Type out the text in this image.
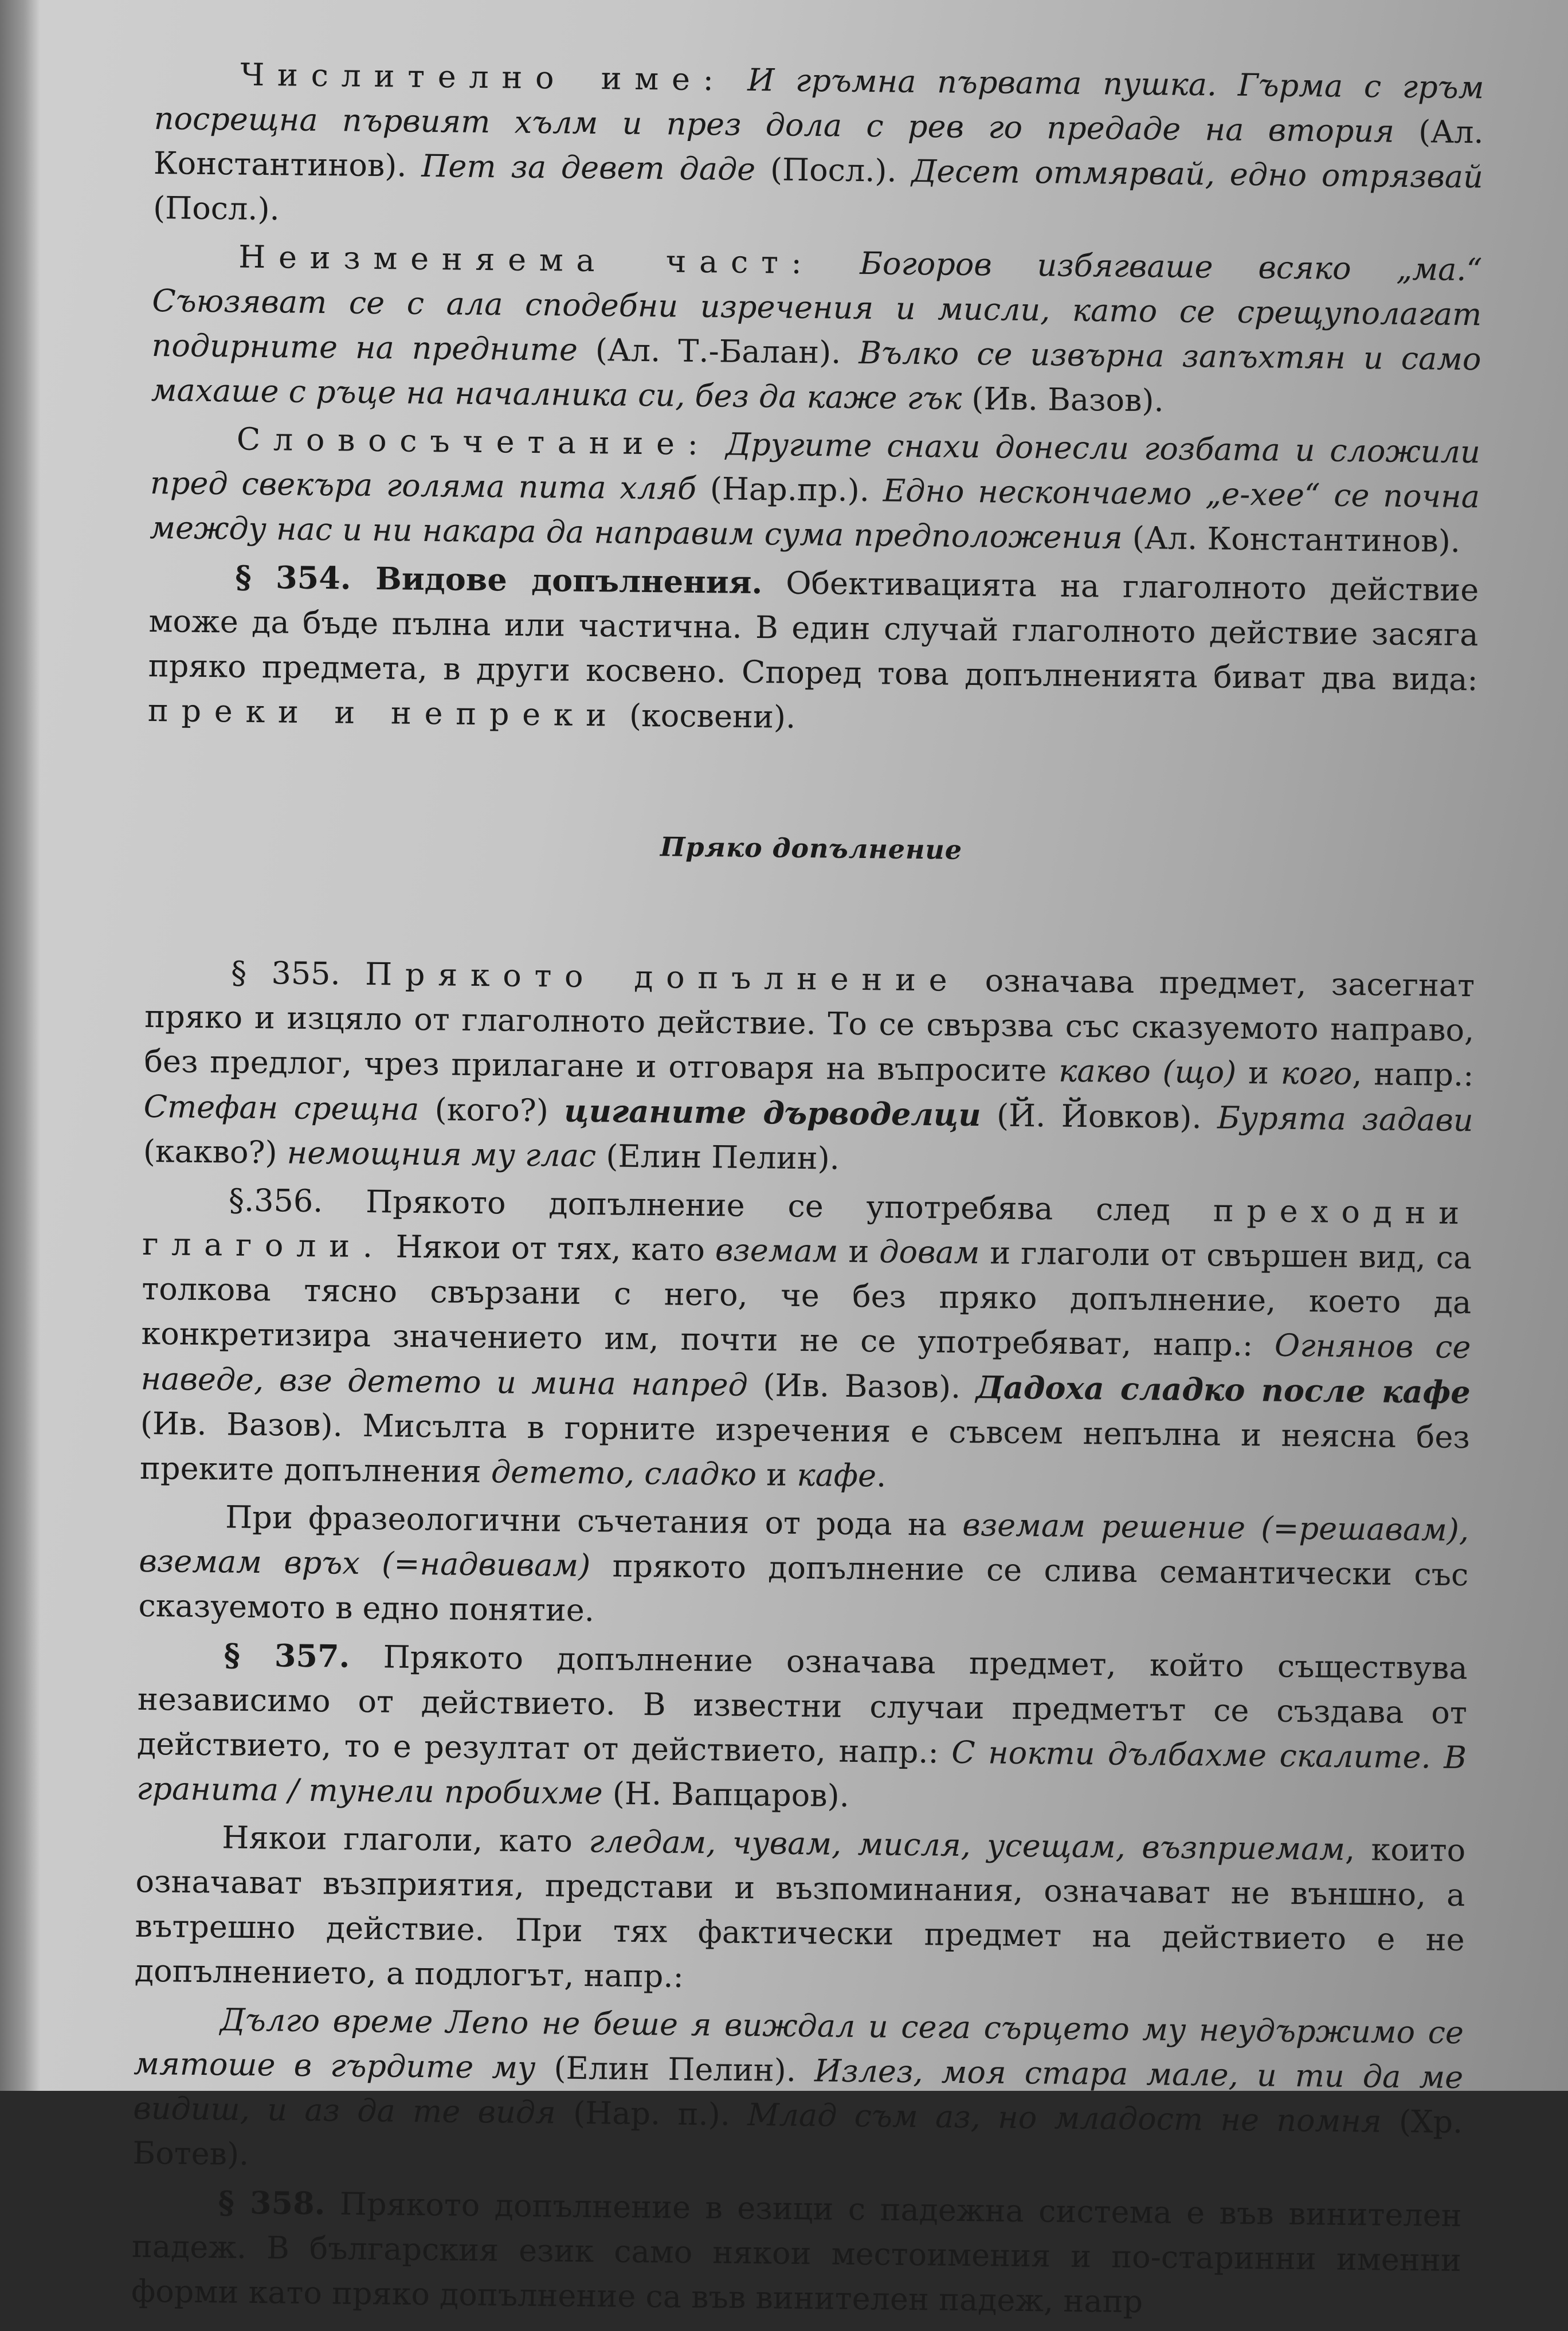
Числително име: И гръмна първата пушка. Гърма с гръм посрещна първият хълм и през дола с рев го предаде на втория (Ал. Константинов). Пет за девет даде (Посл.). Десет отмярвай, едно отрязвай (Посл.).

Неизменяема част: Богоров избягваше всяко „ма.“ Съюзяват се с ала сподeбни изречения и мисли, като се срещуполагат подирните на предните (Ал. Т.-Балан). Вълко се извърна запъхтян и само махаше с ръце на началника си, без да каже гък (Ив. Вазов).

Словосъчетание: Другите снахи донесли гозбата и сложили пред свекъра голяма пита хляб (Нар.пр.). Едно нескончаемо „е-хее“ се почна между нас и ни накара да направим сума предположения (Ал. Константинов).

§ 354. Видове допълнения. Обективацията на глаголното действие може да бъде пълна или частична. В един случай глаголното действие засяга пряко предмета, в други косвено. Според това допълненията биват два вида: преки и непреки (косвени).

Пряко допълнение

§ 355. Прякото допълнение означава предмет, засегнат пряко и изцяло от глаголното действие. То се свързва със сказуемото направо, без предлог, чрез прилагане и отговаря на въпросите какво (що) и кого, напр.: Стефан срещна (кого?) циганите дърводелци (Й. Йовков). Бурята задави (какво?) немощния му глас (Елин Пелин).

§.356. Прякото допълнение се употребява след преходни глаголи. Някои от тях, като вземам и довам и глаголи от свършен вид, са толкова тясно свързани с него, че без пряко допълнение, което да конкретизира значението им, почти не се употребяват, напр.: Огнянов се наведе, взе детето и мина напред (Ив. Вазов). Дадоха сладко после кафе (Ив. Вазов). Мисълта в горните изречения е съвсем непълна и неясна без преките допълнения детето, сладко и кафе.

При фразеологични съчетания от рода на вземам решение (=решавам), вземам връх (=надвивам) прякото допълнение се слива семантически със сказуемото в едно понятие.

§ 357. Прякото допълнение означава предмет, който съществува независимо от действието. В известни случаи предметът се създава от действието, то е резултат от действието, напр.: С нокти дълбахме скалите. В гранита / тунели пробихме (Н. Вапцаров).

Някои глаголи, като гледам, чувам, мисля, усещам, възприемам, които означават възприятия, представи и възпоминания, означават не външно, а вътрешно действие. При тях фактически предмет на действието е не допълнението, а подлогът, напр.:

Дълго време Лепо не беше я виждал и сега сърцето му неудържимо се мятоше в гърдите му (Елин Пелин). Излез, моя стара мале, и ти да ме видиш, и аз да те видя (Нар. п.). Млад съм аз, но младост не помня (Хр. Ботев).

§ 358. Прякото допълнение в езици с падежна система е във винителен падеж. В българския език само някои местоимения и по-старинни именни форми като пряко допълнение са във винителен падеж, напр
